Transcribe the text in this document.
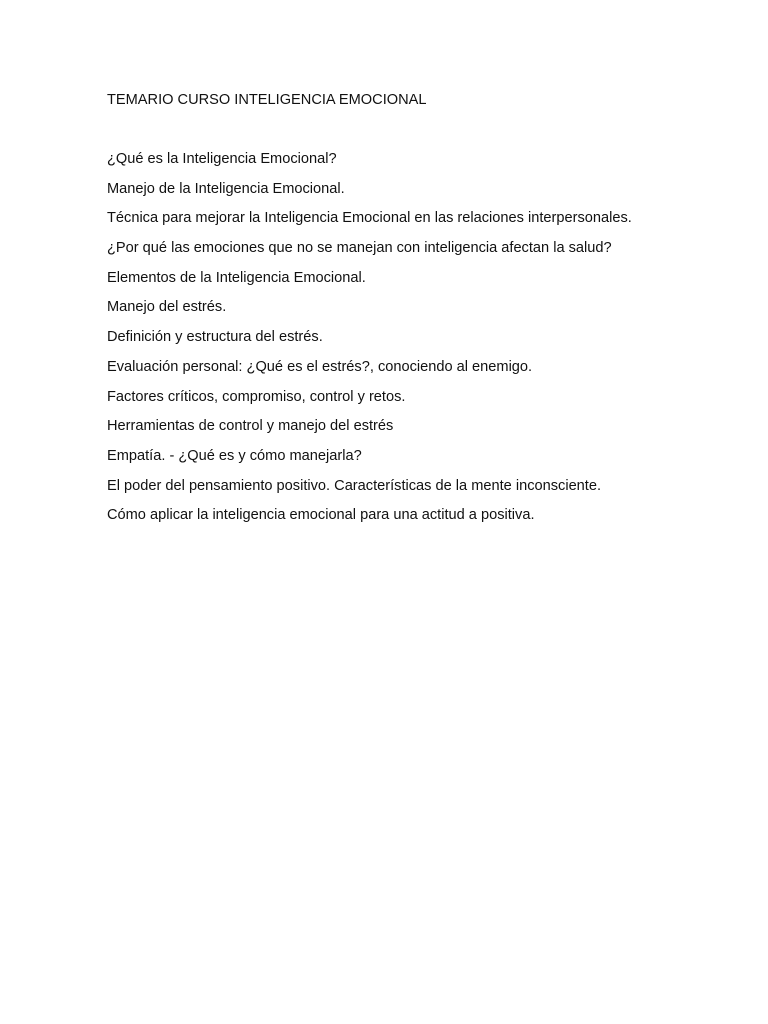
TEMARIO CURSO INTELIGENCIA EMOCIONAL
¿Qué es la Inteligencia Emocional?
Manejo de la Inteligencia Emocional.
Técnica para mejorar la Inteligencia Emocional en las relaciones interpersonales.
¿Por qué las emociones que no se manejan con inteligencia afectan la salud?
Elementos de la Inteligencia Emocional.
Manejo del estrés.
Definición y estructura del estrés.
Evaluación personal: ¿Qué es el estrés?, conociendo al enemigo.
Factores críticos, compromiso, control y retos.
Herramientas de control y manejo del estrés
Empatía. - ¿Qué es y cómo manejarla?
El poder del pensamiento positivo. Características de la mente inconsciente.
Cómo aplicar la inteligencia emocional para una actitud a positiva.
